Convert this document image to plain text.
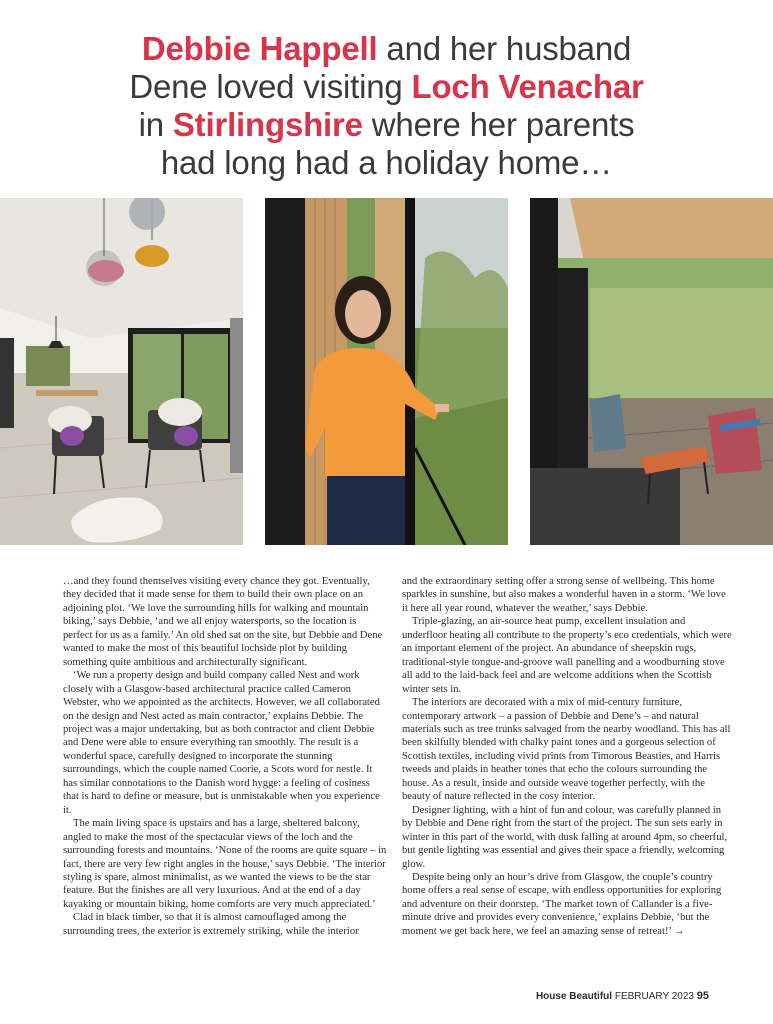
Debbie Happell and her husband
Dene loved visiting Loch Venachar
in Stirlingshire where her parents
had long had a holiday home…

…and they found themselves visiting every chance they got. Eventually, they decided that it made sense for them to build their own place on an adjoining plot. ‘We love the surrounding hills for walking and mountain biking,’ says Debbie, ‘and we all enjoy watersports, so the location is perfect for us as a family.’ An old shed sat on the site, but Debbie and Dene wanted to make the most of this beautiful lochside plot by building something quite ambitious and architecturally significant.

‘We run a property design and build company called Nest and work closely with a Glasgow-based architectural practice called Cameron Webster, who we appointed as the architects. However, we all collaborated on the design and Nest acted as main contractor,’ explains Debbie. The project was a major undertaking, but as both contractor and client Debbie and Dene were able to ensure everything ran smoothly. The result is a wonderful space, carefully designed to incorporate the stunning surroundings, which the couple named Coorie, a Scots word for nestle. It has similar connotations to the Danish word hygge: a feeling of cosiness that is hard to define or measure, but is unmistakable when you experience it.

The main living space is upstairs and has a large, sheltered balcony, angled to make the most of the spectacular views of the loch and the surrounding forests and mountains. ‘None of the rooms are quite square – in fact, there are very few right angles in the house,’ says Debbie. ‘The interior styling is spare, almost minimalist, as we wanted the views to be the star feature. But the finishes are all very luxurious. And at the end of a day kayaking or mountain biking, home comforts are very much appreciated.’

Clad in black timber, so that it is almost camouflaged among the surrounding trees, the exterior is extremely striking, while the interior

and the extraordinary setting offer a strong sense of wellbeing. This home sparkles in sunshine, but also makes a wonderful haven in a storm. ‘We love it here all year round, whatever the weather,’ says Debbie.

Triple-glazing, an air-source heat pump, excellent insulation and underfloor heating all contribute to the property’s eco credentials, which were an important element of the project. An abundance of sheepskin rugs, traditional-style tongue-and-groove wall panelling and a woodburning stove all add to the laid-back feel and are welcome additions when the Scottish winter sets in.

The interiors are decorated with a mix of mid-century furniture, contemporary artwork – a passion of Debbie and Dene’s – and natural materials such as tree trunks salvaged from the nearby woodland. This has all been skilfully blended with chalky paint tones and a gorgeous selection of Scottish textiles, including vivid prints from Timorous Beasties, and Harris tweeds and plaids in heather tones that echo the colours surrounding the house. As a result, inside and outside weave together perfectly, with the beauty of nature reflected in the cosy interior.

Designer lighting, with a hint of fun and colour, was carefully planned in by Debbie and Dene right from the start of the project. The sun sets early in winter in this part of the world, with dusk falling at around 4pm, so cheerful, but gentle lighting was essential and gives their space a friendly, welcoming glow.

Despite being only an hour’s drive from Glasgow, the couple’s country home offers a real sense of escape, with endless opportunities for exploring and adventure on their doorstep. ‘The market town of Callander is a five-minute drive and provides every convenience,’ explains Debbie, ‘but the moment we get back here, we feel an amazing sense of retreat!’ →

House Beautiful FEBRUARY 2023 95
